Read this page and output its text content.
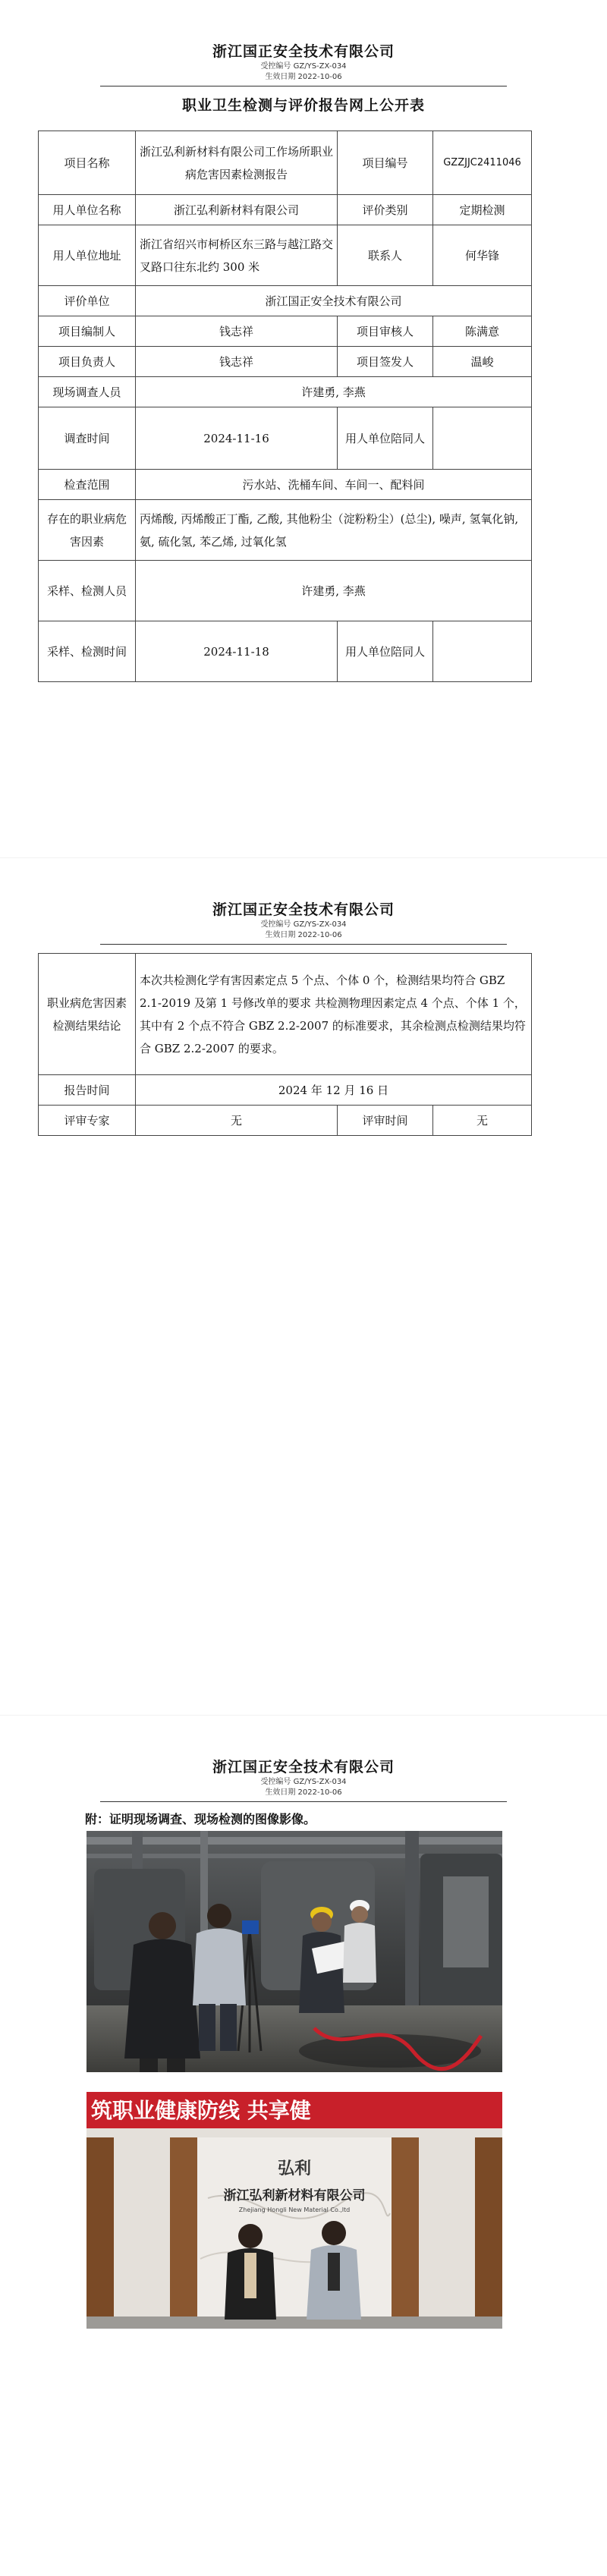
浙江国正安全技术有限公司
受控编号 GZ/YS-ZX-034
生效日期 2022-10-06
职业卫生检测与评价报告网上公开表
项目名称	浙江弘利新材料有限公司工作场所职业病危害因素检测报告	项目编号	GZZJJC2411046
用人单位名称	浙江弘利新材料有限公司	评价类别	定期检测
用人单位地址	浙江省绍兴市柯桥区东三路与越江路交叉路口往东北约 300 米	联系人	何华锋
评价单位	浙江国正安全技术有限公司		
项目编制人	钱志祥	项目审核人	陈满意
项目负责人	钱志祥	项目签发人	温峻
现场调查人员	许建勇, 李燕		
调查时间	2024-11-16	用人单位陪同人	
检查范围	污水站、洗桶车间、车间一、配料间		
存在的职业病危害因素	丙烯酸, 丙烯酸正丁酯, 乙酸, 其他粉尘（淀粉粉尘）(总尘), 噪声, 氢氧化钠, 氨, 硫化氢, 苯乙烯, 过氧化氢		
采样、检测人员	许建勇, 李燕		
采样、检测时间	2024-11-18	用人单位陪同人	
浙江国正安全技术有限公司
受控编号 GZ/YS-ZX-034
生效日期 2022-10-06
职业病危害因素检测结果结论	本次共检测化学有害因素定点 5 个点、个体 0 个，检测结果均符合 GBZ 2.1-2019 及第 1 号修改单的要求 共检测物理因素定点 4 个点、个体 1 个，其中有 2 个点不符合 GBZ 2.2-2007 的标准要求，其余检测点检测结果均符合 GBZ 2.2-2007 的要求。		
报告时间	2024 年 12 月 16 日		
评审专家	无	评审时间	无
浙江国正安全技术有限公司
受控编号 GZ/YS-ZX-034
生效日期 2022-10-06
附：证明现场调查、现场检测的图像影像。
筑职业健康防线 共享健
弘利
浙江弘利新材料有限公司
Zhejiang Hongli New Material Co.,ltd
